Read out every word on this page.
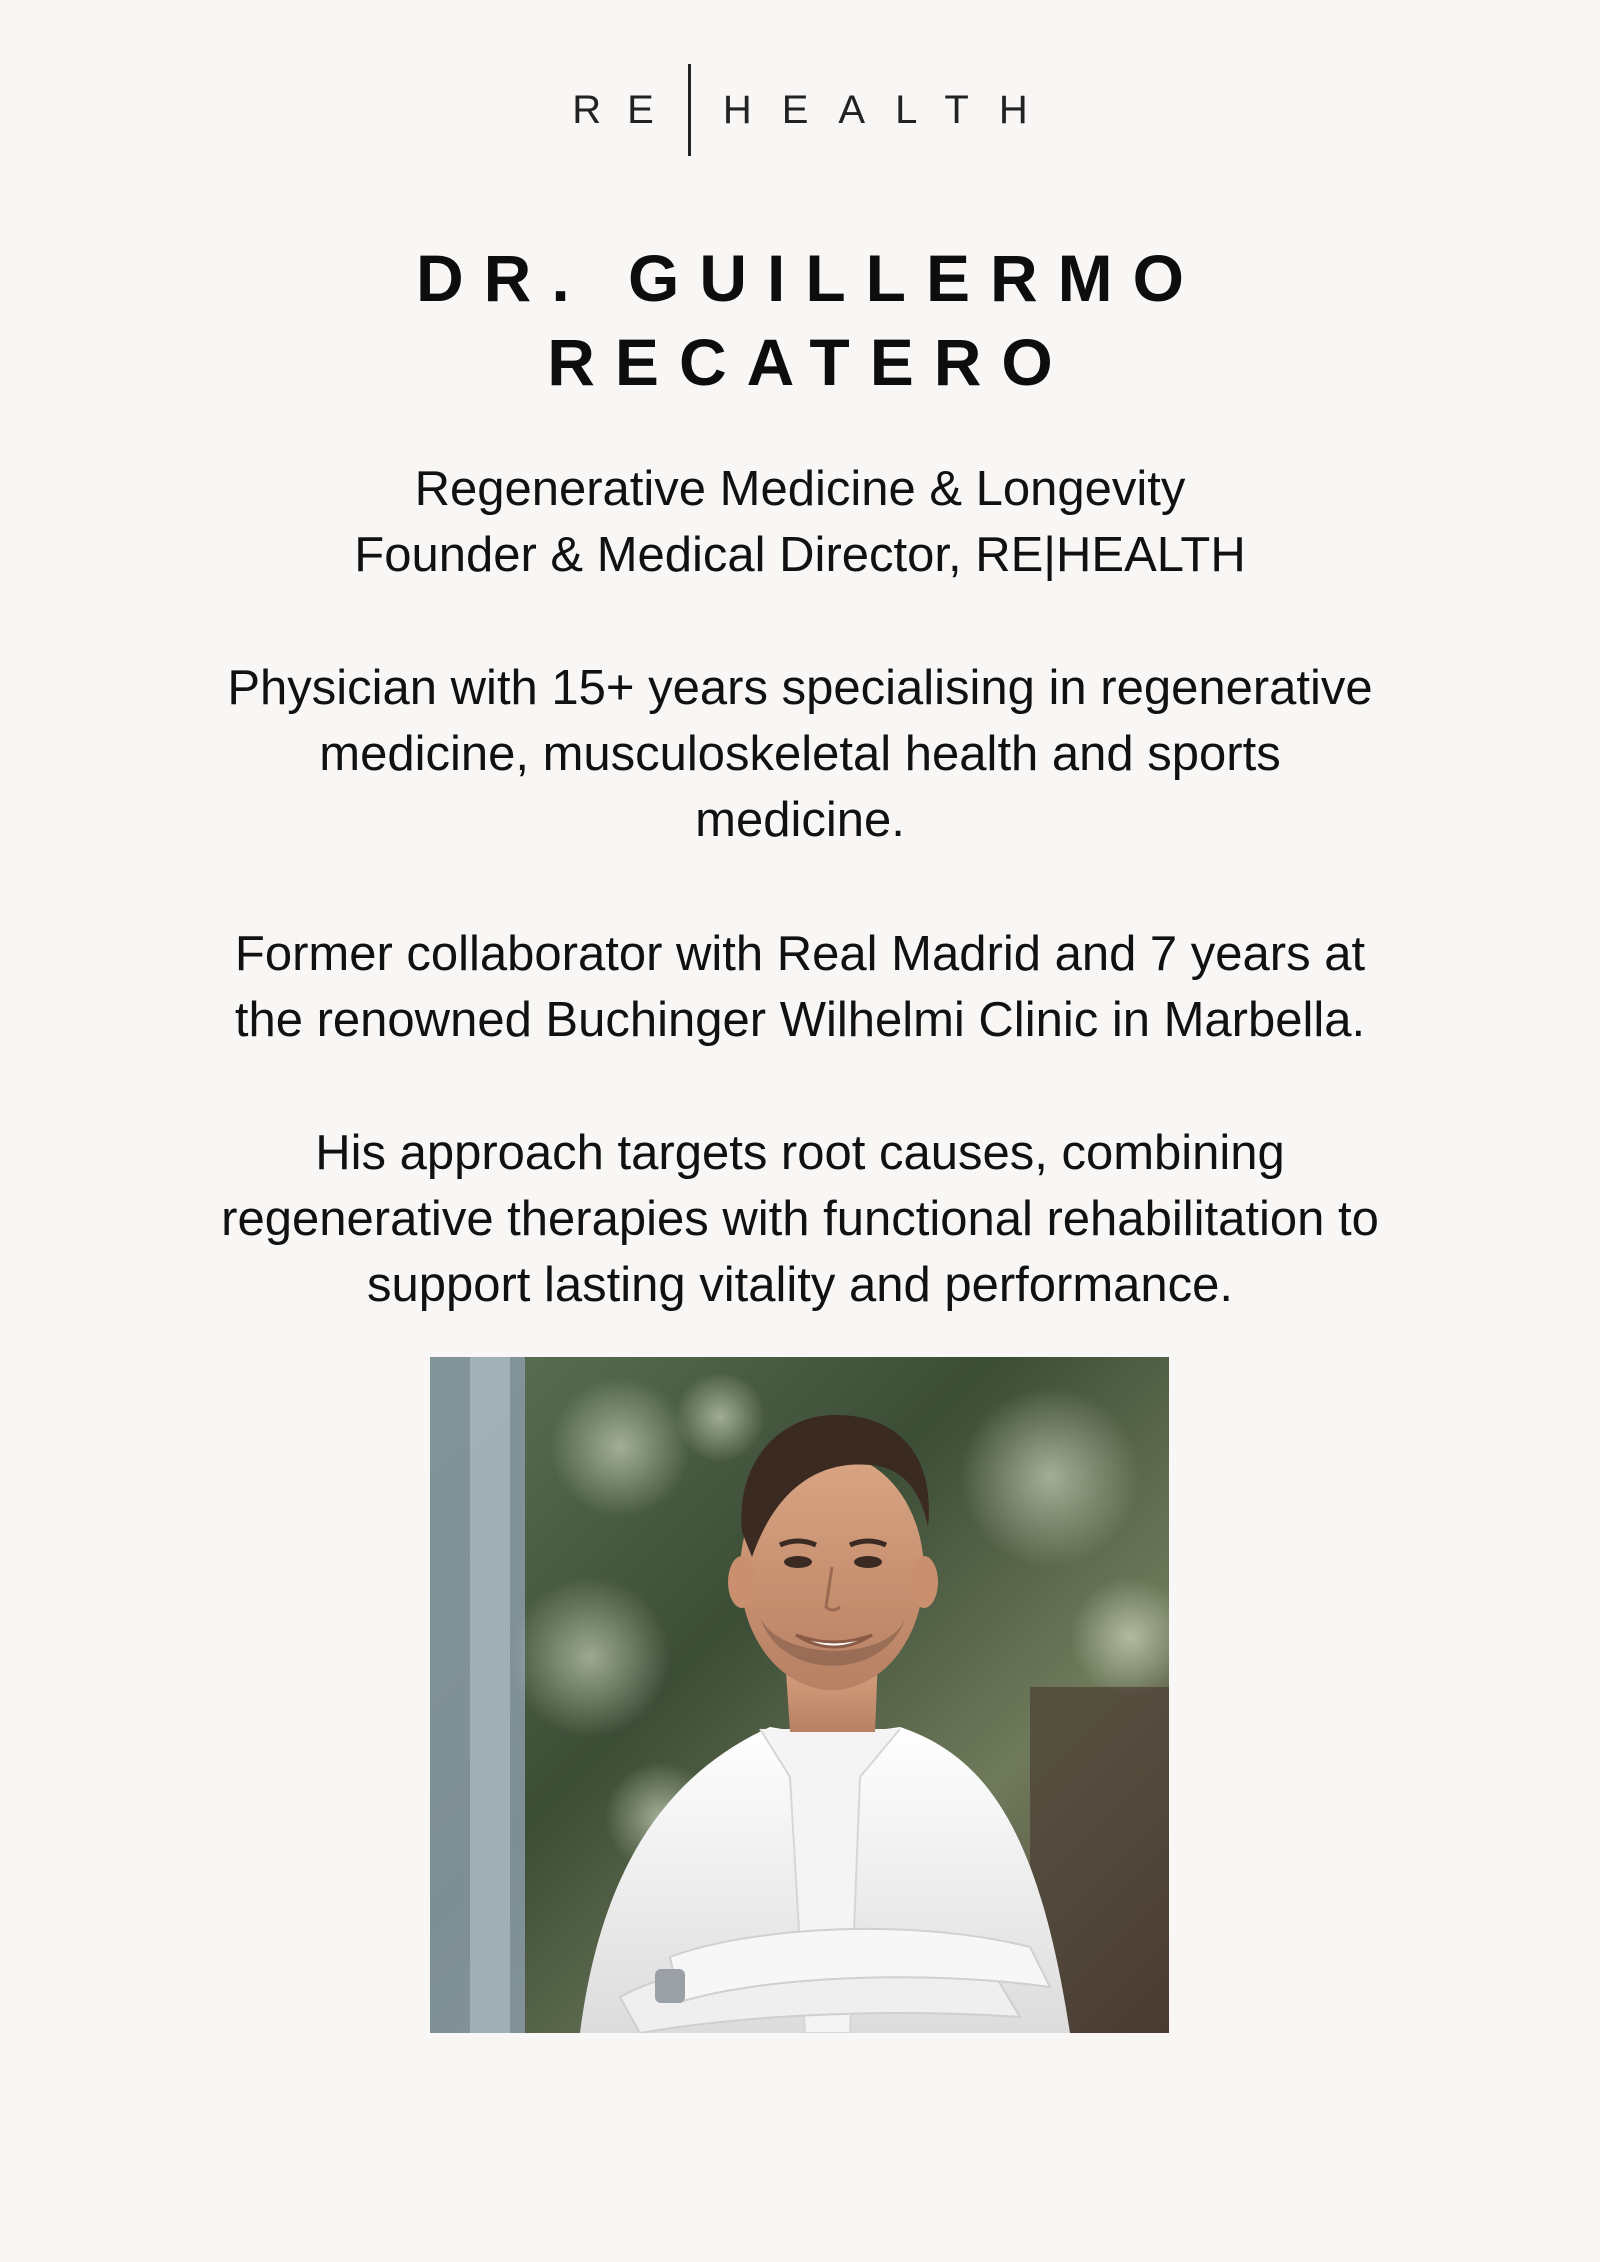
RE HEALTH
DR. GUILLERMO
RECATERO
Regenerative Medicine & Longevity
Founder & Medical Director, RE|HEALTH

Physician with 15+ years specialising in regenerative
medicine, musculoskeletal health and sports
medicine.

Former collaborator with Real Madrid and 7 years at
the renowned Buchinger Wilhelmi Clinic in Marbella.

His approach targets root causes, combining
regenerative therapies with functional rehabilitation to
support lasting vitality and performance.
